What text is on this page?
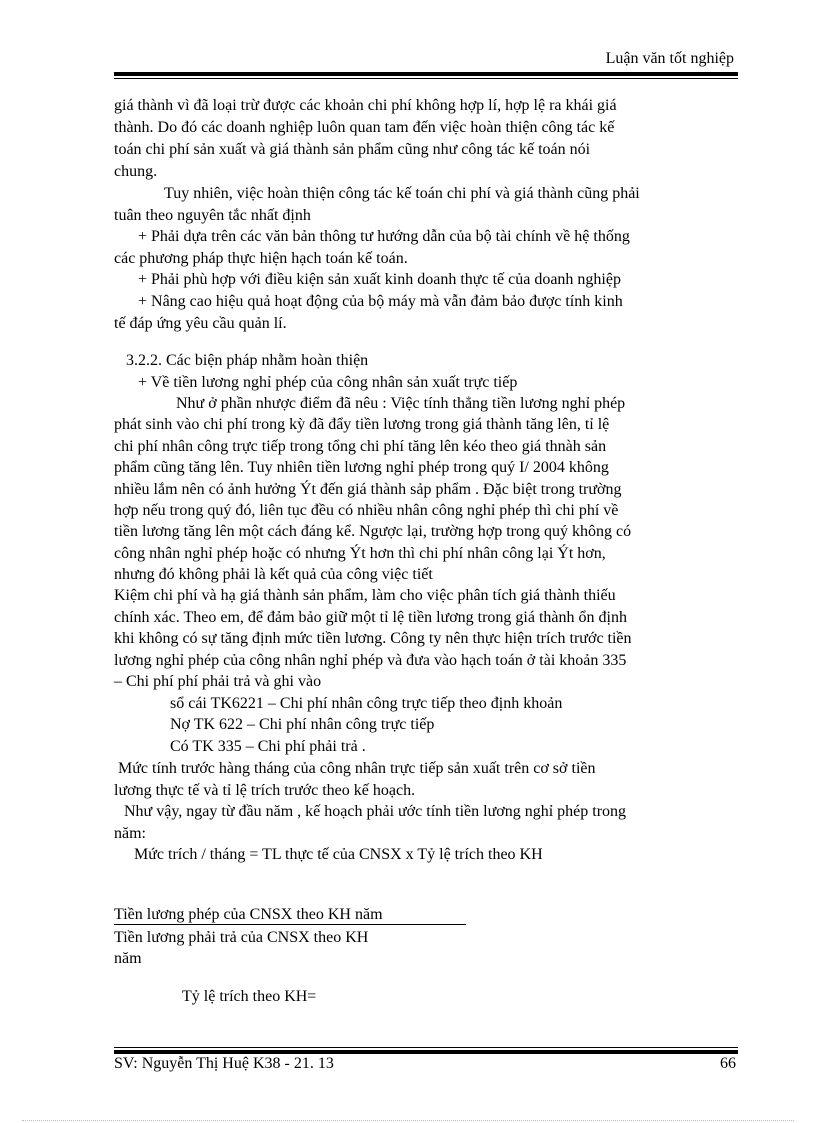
Luận văn tốt nghiệp
giá thành vì đã loại trừ được các khoản chi phí không hợp lí, hợp lệ ra khái giá
thành. Do đó các doanh nghiệp luôn quan tam đến việc hoàn thiện công tác kế
toán chi phí sản xuất và giá thành sản phẩm cũng như công tác kế toán nói
chung.
Tuy nhiên, việc hoàn thiện công tác kế toán chi phí và giá thành cũng phải
tuân theo nguyên tắc nhất định
+ Phải dựa trên các văn bản thông tư hướng dẫn của bộ tài chính về hệ thống
các phương pháp thực hiện hạch toán kế toán.
+ Phải phù hợp với điều kiện sản xuất kinh doanh thực tế của doanh nghiệp
+ Nâng cao hiệu quả hoạt động của bộ máy mà vẫn đảm bảo được tính kinh
tế đáp ứng yêu cầu quản lí.
3.2.2. Các biện pháp nhằm hoàn thiện
+ Về tiền lương nghỉ phép của công nhân sản xuất trực tiếp
Như ở phần nhược điểm đã nêu : Việc tính thẳng tiền lương nghỉ phép
phát sinh vào chi phí trong kỳ đã đẩy tiền lương trong giá thành tăng lên, tỉ lệ
chi phí nhân công trực tiếp trong tổng chi phí tăng lên kéo theo giá thnàh sản
phẩm cũng tăng lên. Tuy nhiên tiền lương nghỉ phép trong quý I/ 2004 không
nhiều lắm nên có ảnh hưởng Ýt đến giá thành sảp phẩm . Đặc biệt trong trường
hợp nếu trong quý đó, liên tục đều có nhiều nhân công nghỉ phép thì chi phí về
tiền lương tăng lên một cách đáng kể. Ngược lại, trường hợp trong quý không có
công nhân nghỉ phép hoặc có nhưng Ýt hơn thì chi phí nhân công lại Ýt hơn,
nhưng đó không phải là kết quả của công việc tiết
Kiệm chi phí và hạ giá thành sản phẩm, làm cho việc phân tích giá thành thiếu
chính xác. Theo em, để đảm bảo giữ một tỉ lệ tiền lương trong giá thành ổn định
khi không có sự tăng định mức tiền lương. Công ty nên thực hiện trích trước tiền
lương nghỉ phép của công nhân nghỉ phép và đưa vào hạch toán ở tài khoản 335
– Chi phí phí phải trả và ghi vào
sổ cái TK6221 – Chi phí nhân công trực tiếp theo định khoản
Nợ TK 622 – Chi phí nhân công trực tiếp
Có TK 335 – Chi phí phải trả .
Mức tính trước hàng tháng của công nhân trực tiếp sản xuất trên cơ sở tiền
lương thực tế và tỉ lệ trích trước theo kế hoạch.
Như vậy, ngay từ đầu năm , kế hoạch phải ước tính tiền lương nghỉ phép trong
năm:
Mức trích / tháng = TL thực tế của CNSX x Tỷ lệ trích theo KH
Tiền lương phép của CNSX theo KH năm
Tiền lương phải trả của CNSX theo KH
năm
Tỷ lệ trích theo KH=
SV: Nguyễn Thị Huệ K38 - 21. 13	66
